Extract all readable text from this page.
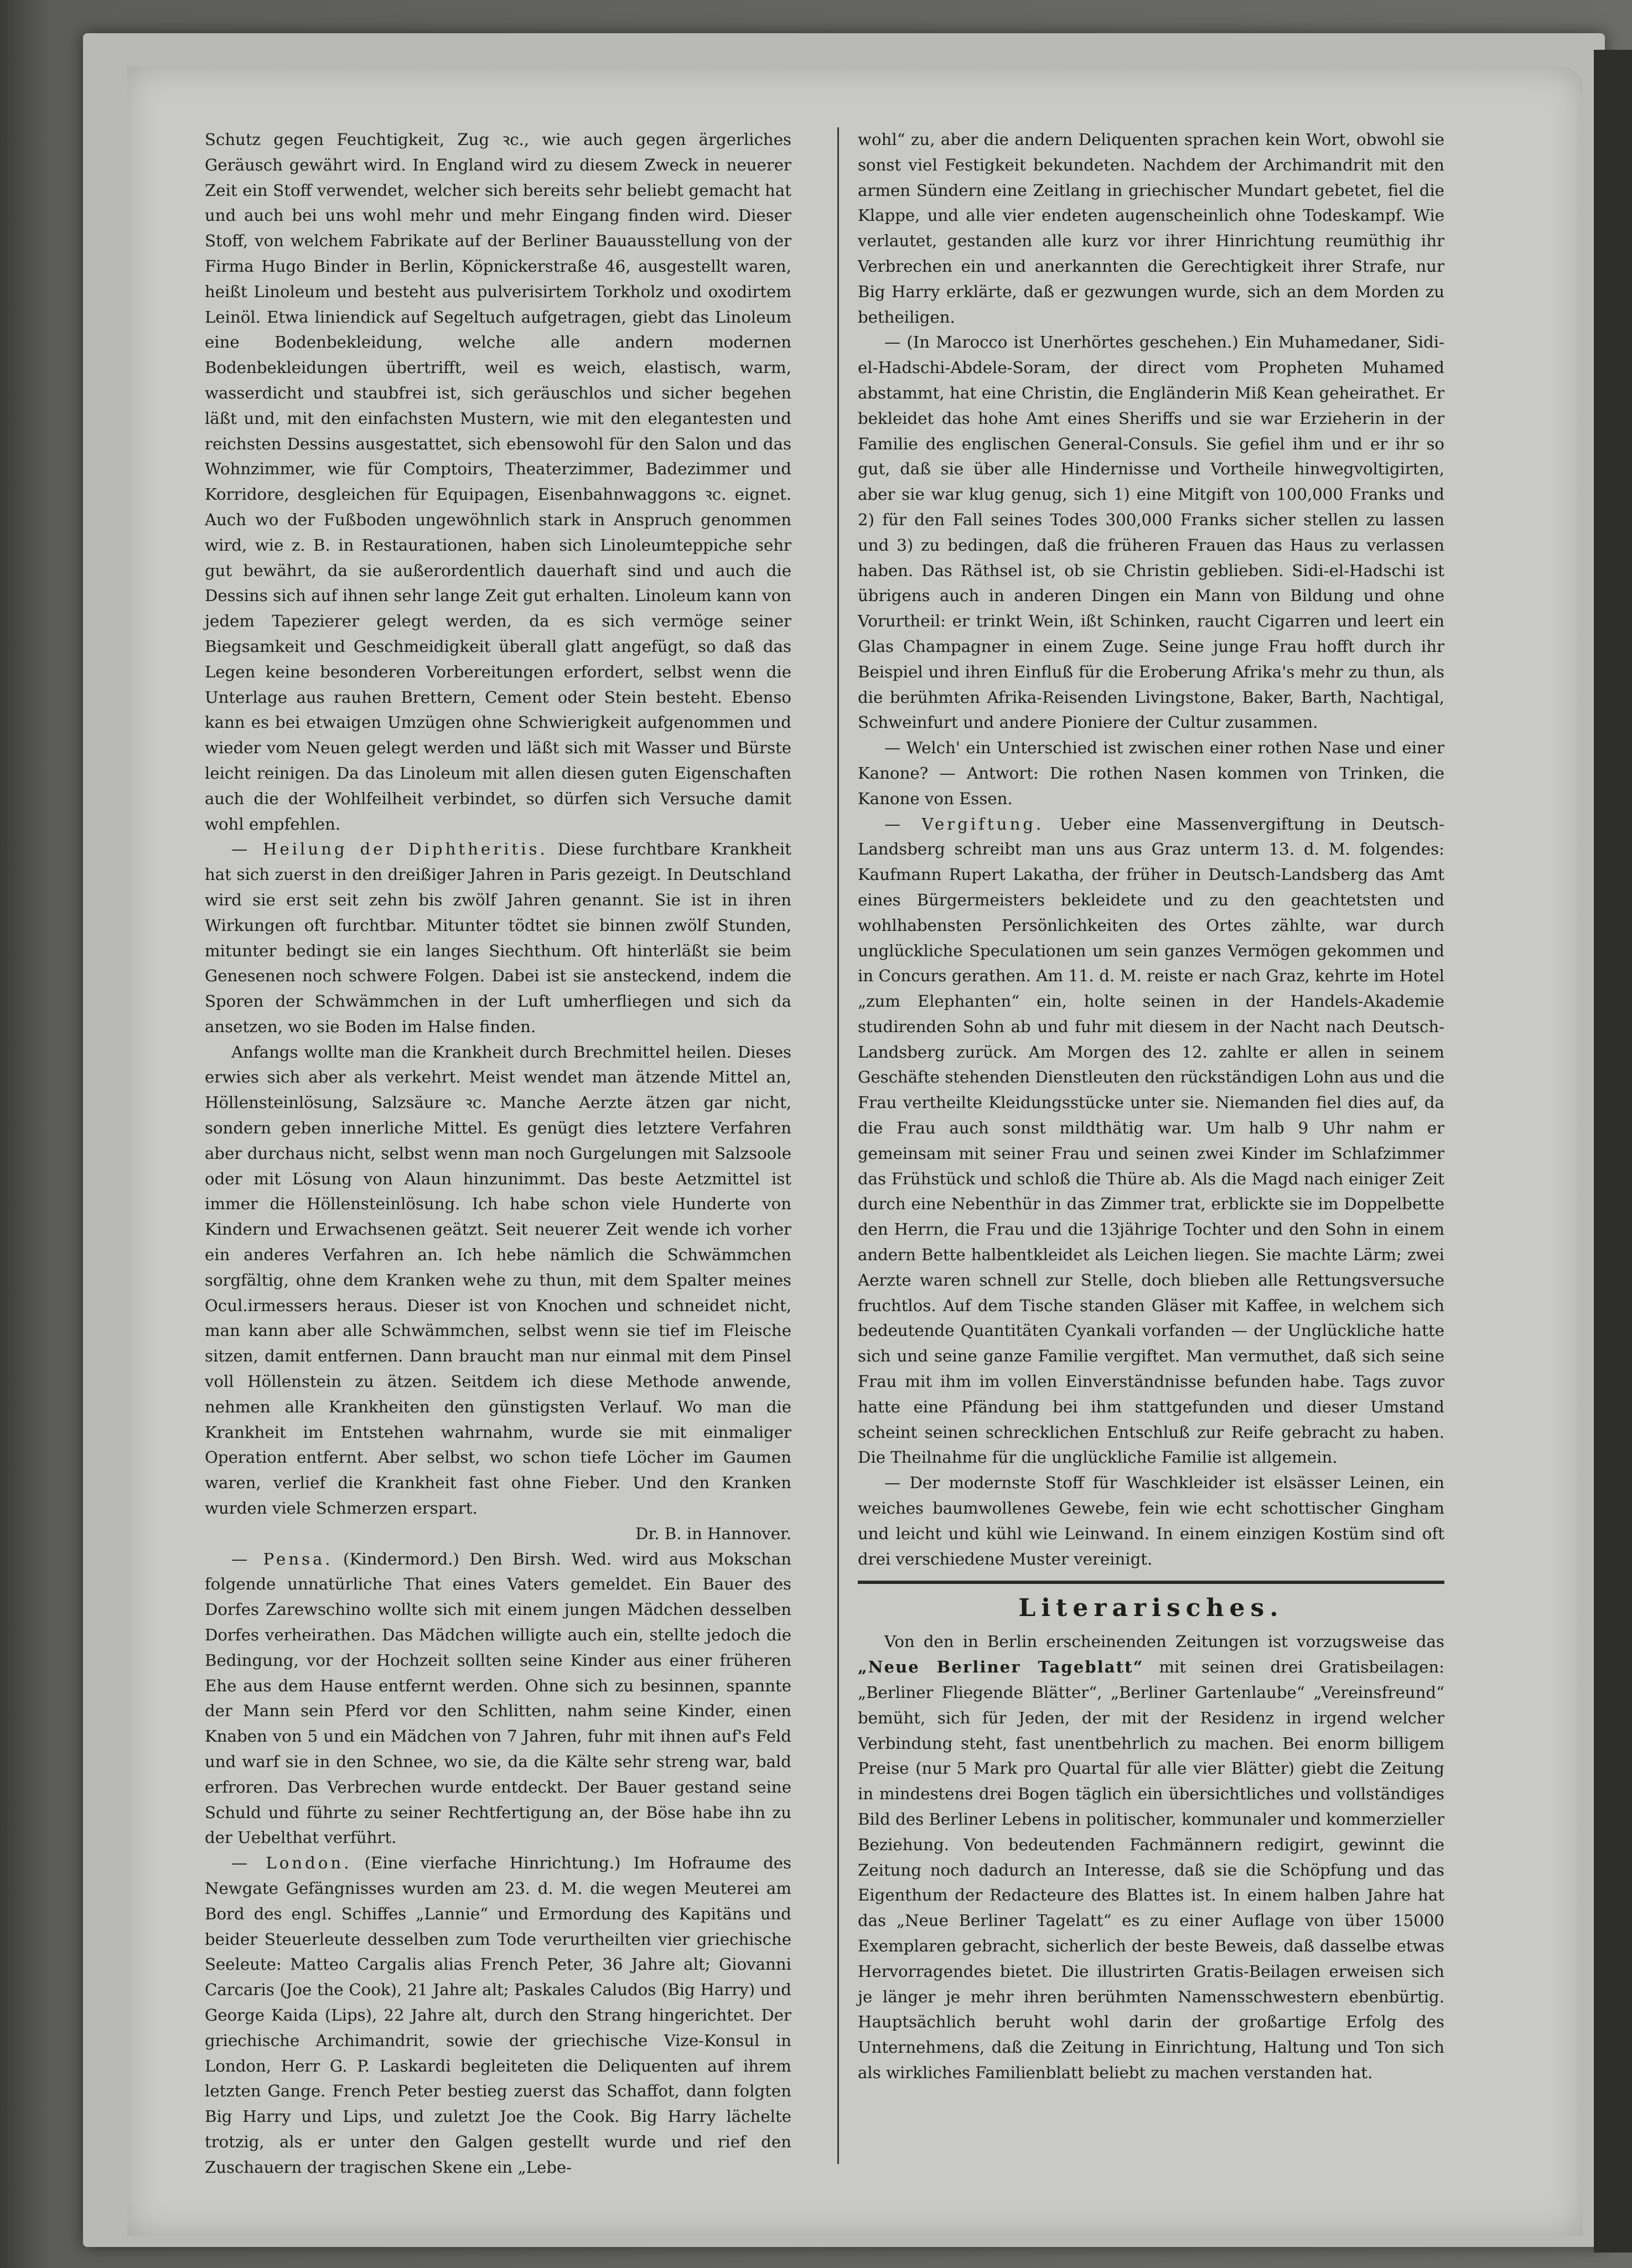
Schutz gegen Feuchtigkeit, Zug ꝛc., wie auch gegen ärgerliches Geräusch gewährt wird. In England wird zu diesem Zweck in neuerer Zeit ein Stoff verwendet, welcher sich bereits sehr beliebt gemacht hat und auch bei uns wohl mehr und mehr Eingang finden wird. Dieser Stoff, von welchem Fabrikate auf der Berliner Bauausstellung von der Firma Hugo Binder in Berlin, Köpnickerstraße 46, ausgestellt waren, heißt Linoleum und besteht aus pulverisirtem Torkholz und oxodirtem Leinöl. Etwa liniendick auf Segeltuch aufgetragen, giebt das Linoleum eine Bodenbekleidung, welche alle andern modernen Bodenbekleidungen übertrifft, weil es weich, elastisch, warm, wasserdicht und staubfrei ist, sich geräuschlos und sicher begehen läßt und, mit den einfachsten Mustern, wie mit den elegantesten und reichsten Dessins ausgestattet, sich ebensowohl für den Salon und das Wohnzimmer, wie für Comptoirs, Theaterzimmer, Badezimmer und Korridore, desgleichen für Equipagen, Eisenbahnwaggons ꝛc. eignet. Auch wo der Fußboden ungewöhnlich stark in Anspruch genommen wird, wie z. B. in Restaurationen, haben sich Linoleumteppiche sehr gut bewährt, da sie außerordentlich dauerhaft sind und auch die Dessins sich auf ihnen sehr lange Zeit gut erhalten. Linoleum kann von jedem Tapezierer gelegt werden, da es sich vermöge seiner Biegsamkeit und Geschmeidigkeit überall glatt angefügt, so daß das Legen keine besonderen Vorbereitungen erfordert, selbst wenn die Unterlage aus rauhen Brettern, Cement oder Stein besteht. Ebenso kann es bei etwaigen Umzügen ohne Schwierigkeit aufgenommen und wieder vom Neuen gelegt werden und läßt sich mit Wasser und Bürste leicht reinigen. Da das Linoleum mit allen diesen guten Eigenschaften auch die der Wohlfeilheit verbindet, so dürfen sich Versuche damit wohl empfehlen.

— Heilung der Diphtheritis. Diese furchtbare Krankheit hat sich zuerst in den dreißiger Jahren in Paris gezeigt. In Deutschland wird sie erst seit zehn bis zwölf Jahren genannt. Sie ist in ihren Wirkungen oft furchtbar. Mitunter tödtet sie binnen zwölf Stunden, mitunter bedingt sie ein langes Siechthum. Oft hinterläßt sie beim Genesenen noch schwere Folgen. Dabei ist sie ansteckend, indem die Sporen der Schwämmchen in der Luft umherfliegen und sich da ansetzen, wo sie Boden im Halse finden.

Anfangs wollte man die Krankheit durch Brechmittel heilen. Dieses erwies sich aber als verkehrt. Meist wendet man ätzende Mittel an, Höllensteinlösung, Salzsäure ꝛc. Manche Aerzte ätzen gar nicht, sondern geben innerliche Mittel. Es genügt dies letztere Verfahren aber durchaus nicht, selbst wenn man noch Gurgelungen mit Salzsoole oder mit Lösung von Alaun hinzunimmt. Das beste Aetzmittel ist immer die Höllensteinlösung. Ich habe schon viele Hunderte von Kindern und Erwachsenen geätzt. Seit neuerer Zeit wende ich vorher ein anderes Verfahren an. Ich hebe nämlich die Schwämmchen sorgfältig, ohne dem Kranken wehe zu thun, mit dem Spalter meines Ocul.irmessers heraus. Dieser ist von Knochen und schneidet nicht, man kann aber alle Schwämmchen, selbst wenn sie tief im Fleische sitzen, damit entfernen. Dann braucht man nur einmal mit dem Pinsel voll Höllenstein zu ätzen. Seitdem ich diese Methode anwende, nehmen alle Krankheiten den günstigsten Verlauf. Wo man die Krankheit im Entstehen wahrnahm, wurde sie mit einmaliger Operation entfernt. Aber selbst, wo schon tiefe Löcher im Gaumen waren, verlief die Krankheit fast ohne Fieber. Und den Kranken wurden viele Schmerzen erspart.

Dr. B. in Hannover.

— Pensa. (Kindermord.) Den Birsh. Wed. wird aus Mokschan folgende unnatürliche That eines Vaters gemeldet. Ein Bauer des Dorfes Zarewschino wollte sich mit einem jungen Mädchen desselben Dorfes verheirathen. Das Mädchen willigte auch ein, stellte jedoch die Bedingung, vor der Hochzeit sollten seine Kinder aus einer früheren Ehe aus dem Hause entfernt werden. Ohne sich zu besinnen, spannte der Mann sein Pferd vor den Schlitten, nahm seine Kinder, einen Knaben von 5 und ein Mädchen von 7 Jahren, fuhr mit ihnen auf's Feld und warf sie in den Schnee, wo sie, da die Kälte sehr streng war, bald erfroren. Das Verbrechen wurde entdeckt. Der Bauer gestand seine Schuld und führte zu seiner Rechtfertigung an, der Böse habe ihn zu der Uebelthat verführt.

— London. (Eine vierfache Hinrichtung.) Im Hofraume des Newgate Gefängnisses wurden am 23. d. M. die wegen Meuterei am Bord des engl. Schiffes „Lannie“ und Ermordung des Kapitäns und beider Steuerleute desselben zum Tode verurtheilten vier griechische Seeleute: Matteo Cargalis alias French Peter, 36 Jahre alt; Giovanni Carcaris (Joe the Cook), 21 Jahre alt; Paskales Caludos (Big Harry) und George Kaida (Lips), 22 Jahre alt, durch den Strang hingerichtet. Der griechische Archimandrit, sowie der griechische Vize-Konsul in London, Herr G. P. Laskardi begleiteten die Deliquenten auf ihrem letzten Gange. French Peter bestieg zuerst das Schaffot, dann folgten Big Harry und Lips, und zuletzt Joe the Cook. Big Harry lächelte trotzig, als er unter den Galgen gestellt wurde und rief den Zuschauern der tragischen Skene ein „Lebe-

wohl“ zu, aber die andern Deliquenten sprachen kein Wort, obwohl sie sonst viel Festigkeit bekundeten. Nachdem der Archimandrit mit den armen Sündern eine Zeitlang in griechischer Mundart gebetet, fiel die Klappe, und alle vier endeten augenscheinlich ohne Todeskampf. Wie verlautet, gestanden alle kurz vor ihrer Hinrichtung reumüthig ihr Verbrechen ein und anerkannten die Gerechtigkeit ihrer Strafe, nur Big Harry erklärte, daß er gezwungen wurde, sich an dem Morden zu betheiligen.

— (In Marocco ist Unerhörtes geschehen.) Ein Muhamedaner, Sidi-el-Hadschi-Abdele-Soram, der direct vom Propheten Muhamed abstammt, hat eine Christin, die Engländerin Miß Kean geheirathet. Er bekleidet das hohe Amt eines Sheriffs und sie war Erzieherin in der Familie des englischen General-Consuls. Sie gefiel ihm und er ihr so gut, daß sie über alle Hindernisse und Vortheile hinwegvoltigirten, aber sie war klug genug, sich 1) eine Mitgift von 100,000 Franks und 2) für den Fall seines Todes 300,000 Franks sicher stellen zu lassen und 3) zu bedingen, daß die früheren Frauen das Haus zu verlassen haben. Das Räthsel ist, ob sie Christin geblieben. Sidi-el-Hadschi ist übrigens auch in anderen Dingen ein Mann von Bildung und ohne Vorurtheil: er trinkt Wein, ißt Schinken, raucht Cigarren und leert ein Glas Champagner in einem Zuge. Seine junge Frau hofft durch ihr Beispiel und ihren Einfluß für die Eroberung Afrika's mehr zu thun, als die berühmten Afrika-Reisenden Livingstone, Baker, Barth, Nachtigal, Schweinfurt und andere Pioniere der Cultur zusammen.

— Welch' ein Unterschied ist zwischen einer rothen Nase und einer Kanone? — Antwort: Die rothen Nasen kommen von Trinken, die Kanone von Essen.

— Vergiftung. Ueber eine Massenvergiftung in Deutsch-Landsberg schreibt man uns aus Graz unterm 13. d. M. folgendes: Kaufmann Rupert Lakatha, der früher in Deutsch-Landsberg das Amt eines Bürgermeisters bekleidete und zu den geachtetsten und wohlhabensten Persönlichkeiten des Ortes zählte, war durch unglückliche Speculationen um sein ganzes Vermögen gekommen und in Concurs gerathen. Am 11. d. M. reiste er nach Graz, kehrte im Hotel „zum Elephanten“ ein, holte seinen in der Handels-Akademie studirenden Sohn ab und fuhr mit diesem in der Nacht nach Deutsch-Landsberg zurück. Am Morgen des 12. zahlte er allen in seinem Geschäfte stehenden Dienstleuten den rückständigen Lohn aus und die Frau vertheilte Kleidungsstücke unter sie. Niemanden fiel dies auf, da die Frau auch sonst mildthätig war. Um halb 9 Uhr nahm er gemeinsam mit seiner Frau und seinen zwei Kinder im Schlafzimmer das Frühstück und schloß die Thüre ab. Als die Magd nach einiger Zeit durch eine Nebenthür in das Zimmer trat, erblickte sie im Doppelbette den Herrn, die Frau und die 13jährige Tochter und den Sohn in einem andern Bette halbentkleidet als Leichen liegen. Sie machte Lärm; zwei Aerzte waren schnell zur Stelle, doch blieben alle Rettungsversuche fruchtlos. Auf dem Tische standen Gläser mit Kaffee, in welchem sich bedeutende Quantitäten Cyankali vorfanden — der Unglückliche hatte sich und seine ganze Familie vergiftet. Man vermuthet, daß sich seine Frau mit ihm im vollen Einverständnisse befunden habe. Tags zuvor hatte eine Pfändung bei ihm stattgefunden und dieser Umstand scheint seinen schrecklichen Entschluß zur Reife gebracht zu haben. Die Theilnahme für die unglückliche Familie ist allgemein.

— Der modernste Stoff für Waschkleider ist elsässer Leinen, ein weiches baumwollenes Gewebe, fein wie echt schottischer Gingham und leicht und kühl wie Leinwand. In einem einzigen Kostüm sind oft drei verschiedene Muster vereinigt.

Literarisches.

Von den in Berlin erscheinenden Zeitungen ist vorzugsweise das „Neue Berliner Tageblatt“ mit seinen drei Gratisbeilagen: „Berliner Fliegende Blätter“, „Berliner Gartenlaube“ „Vereinsfreund“ bemüht, sich für Jeden, der mit der Residenz in irgend welcher Verbindung steht, fast unentbehrlich zu machen. Bei enorm billigem Preise (nur 5 Mark pro Quartal für alle vier Blätter) giebt die Zeitung in mindestens drei Bogen täglich ein übersichtliches und vollständiges Bild des Berliner Lebens in politischer, kommunaler und kommerzieller Beziehung. Von bedeutenden Fachmännern redigirt, gewinnt die Zeitung noch dadurch an Interesse, daß sie die Schöpfung und das Eigenthum der Redacteure des Blattes ist. In einem halben Jahre hat das „Neue Berliner Tagelatt“ es zu einer Auflage von über 15000 Exemplaren gebracht, sicherlich der beste Beweis, daß dasselbe etwas Hervorragendes bietet. Die illustrirten Gratis-Beilagen erweisen sich je länger je mehr ihren berühmten Namensschwestern ebenbürtig. Hauptsächlich beruht wohl darin der großartige Erfolg des Unternehmens, daß die Zeitung in Einrichtung, Haltung und Ton sich als wirkliches Familienblatt beliebt zu machen verstanden hat.
